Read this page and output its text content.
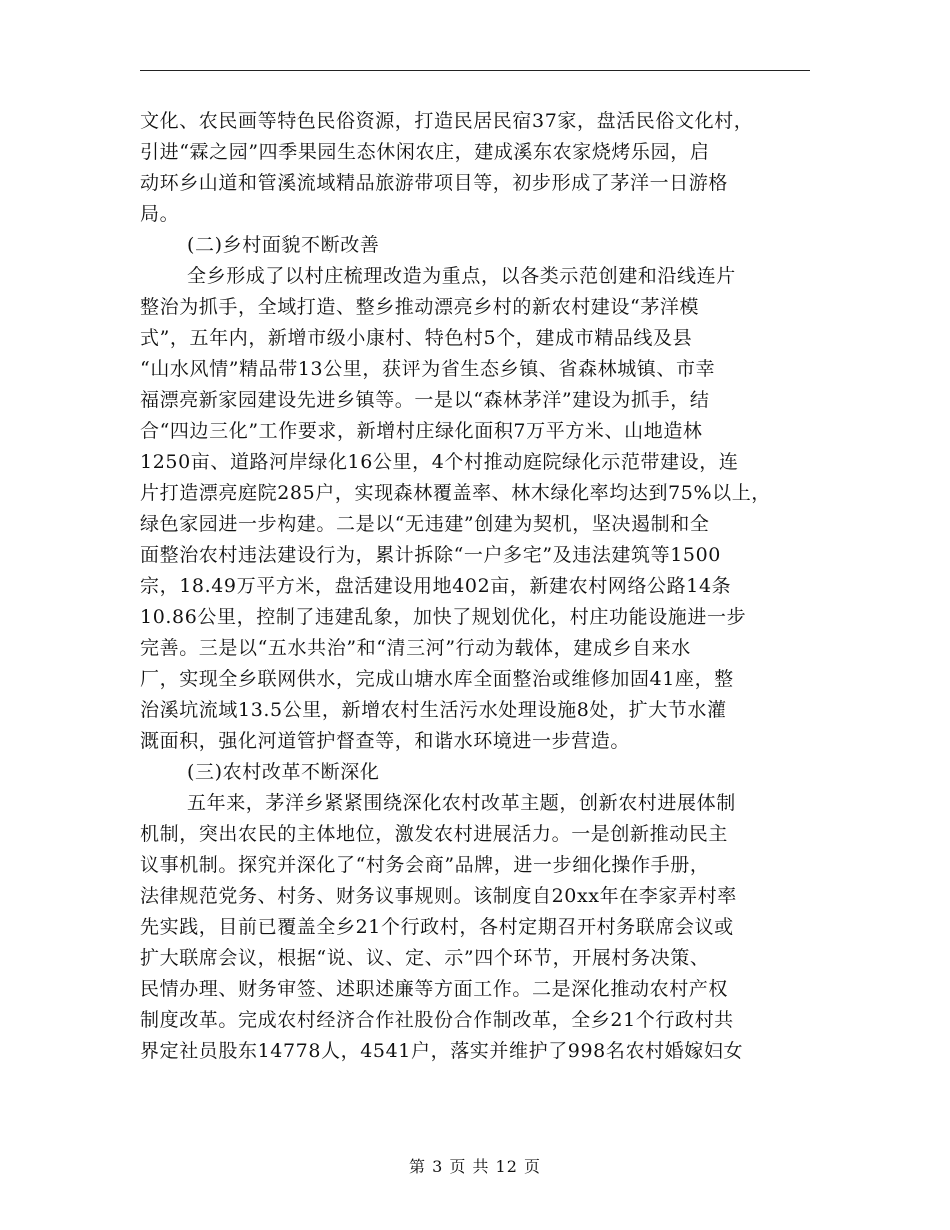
文化、农民画等特色民俗资源，打造民居民宿37家，盘活民俗文化村，
引进“霖之园”四季果园生态休闲农庄，建成溪东农家烧烤乐园，启
动环乡山道和管溪流域精品旅游带项目等，初步形成了茅洋一日游格
局。
(二)乡村面貌不断改善
全乡形成了以村庄梳理改造为重点，以各类示范创建和沿线连片
整治为抓手，全域打造、整乡推动漂亮乡村的新农村建设“茅洋模
式”，五年内，新增市级小康村、特色村5个，建成市精品线及县
“山水风情”精品带13公里，获评为省生态乡镇、省森林城镇、市幸
福漂亮新家园建设先进乡镇等。一是以“森林茅洋”建设为抓手，结
合“四边三化”工作要求，新增村庄绿化面积7万平方米、山地造林
1250亩、道路河岸绿化16公里，4个村推动庭院绿化示范带建设，连
片打造漂亮庭院285户，实现森林覆盖率、林木绿化率均达到75%以上，
绿色家园进一步构建。二是以“无违建”创建为契机，坚决遏制和全
面整治农村违法建设行为，累计拆除“一户多宅”及违法建筑等1500
宗，18.49万平方米，盘活建设用地402亩，新建农村网络公路14条
10.86公里，控制了违建乱象，加快了规划优化，村庄功能设施进一步
完善。三是以“五水共治”和“清三河”行动为载体，建成乡自来水
厂，实现全乡联网供水，完成山塘水库全面整治或维修加固41座，整
治溪坑流域13.5公里，新增农村生活污水处理设施8处，扩大节水灌
溉面积，强化河道管护督查等，和谐水环境进一步营造。
(三)农村改革不断深化
五年来，茅洋乡紧紧围绕深化农村改革主题，创新农村进展体制
机制，突出农民的主体地位，激发农村进展活力。一是创新推动民主
议事机制。探究并深化了“村务会商”品牌，进一步细化操作手册，
法律规范党务、村务、财务议事规则。该制度自20xx年在李家弄村率
先实践，目前已覆盖全乡21个行政村，各村定期召开村务联席会议或
扩大联席会议，根据“说、议、定、示”四个环节，开展村务决策、
民情办理、财务审签、述职述廉等方面工作。二是深化推动农村产权
制度改革。完成农村经济合作社股份合作制改革，全乡21个行政村共
界定社员股东14778人，4541户，落实并维护了998名农村婚嫁妇女
第 3 页 共 12 页
